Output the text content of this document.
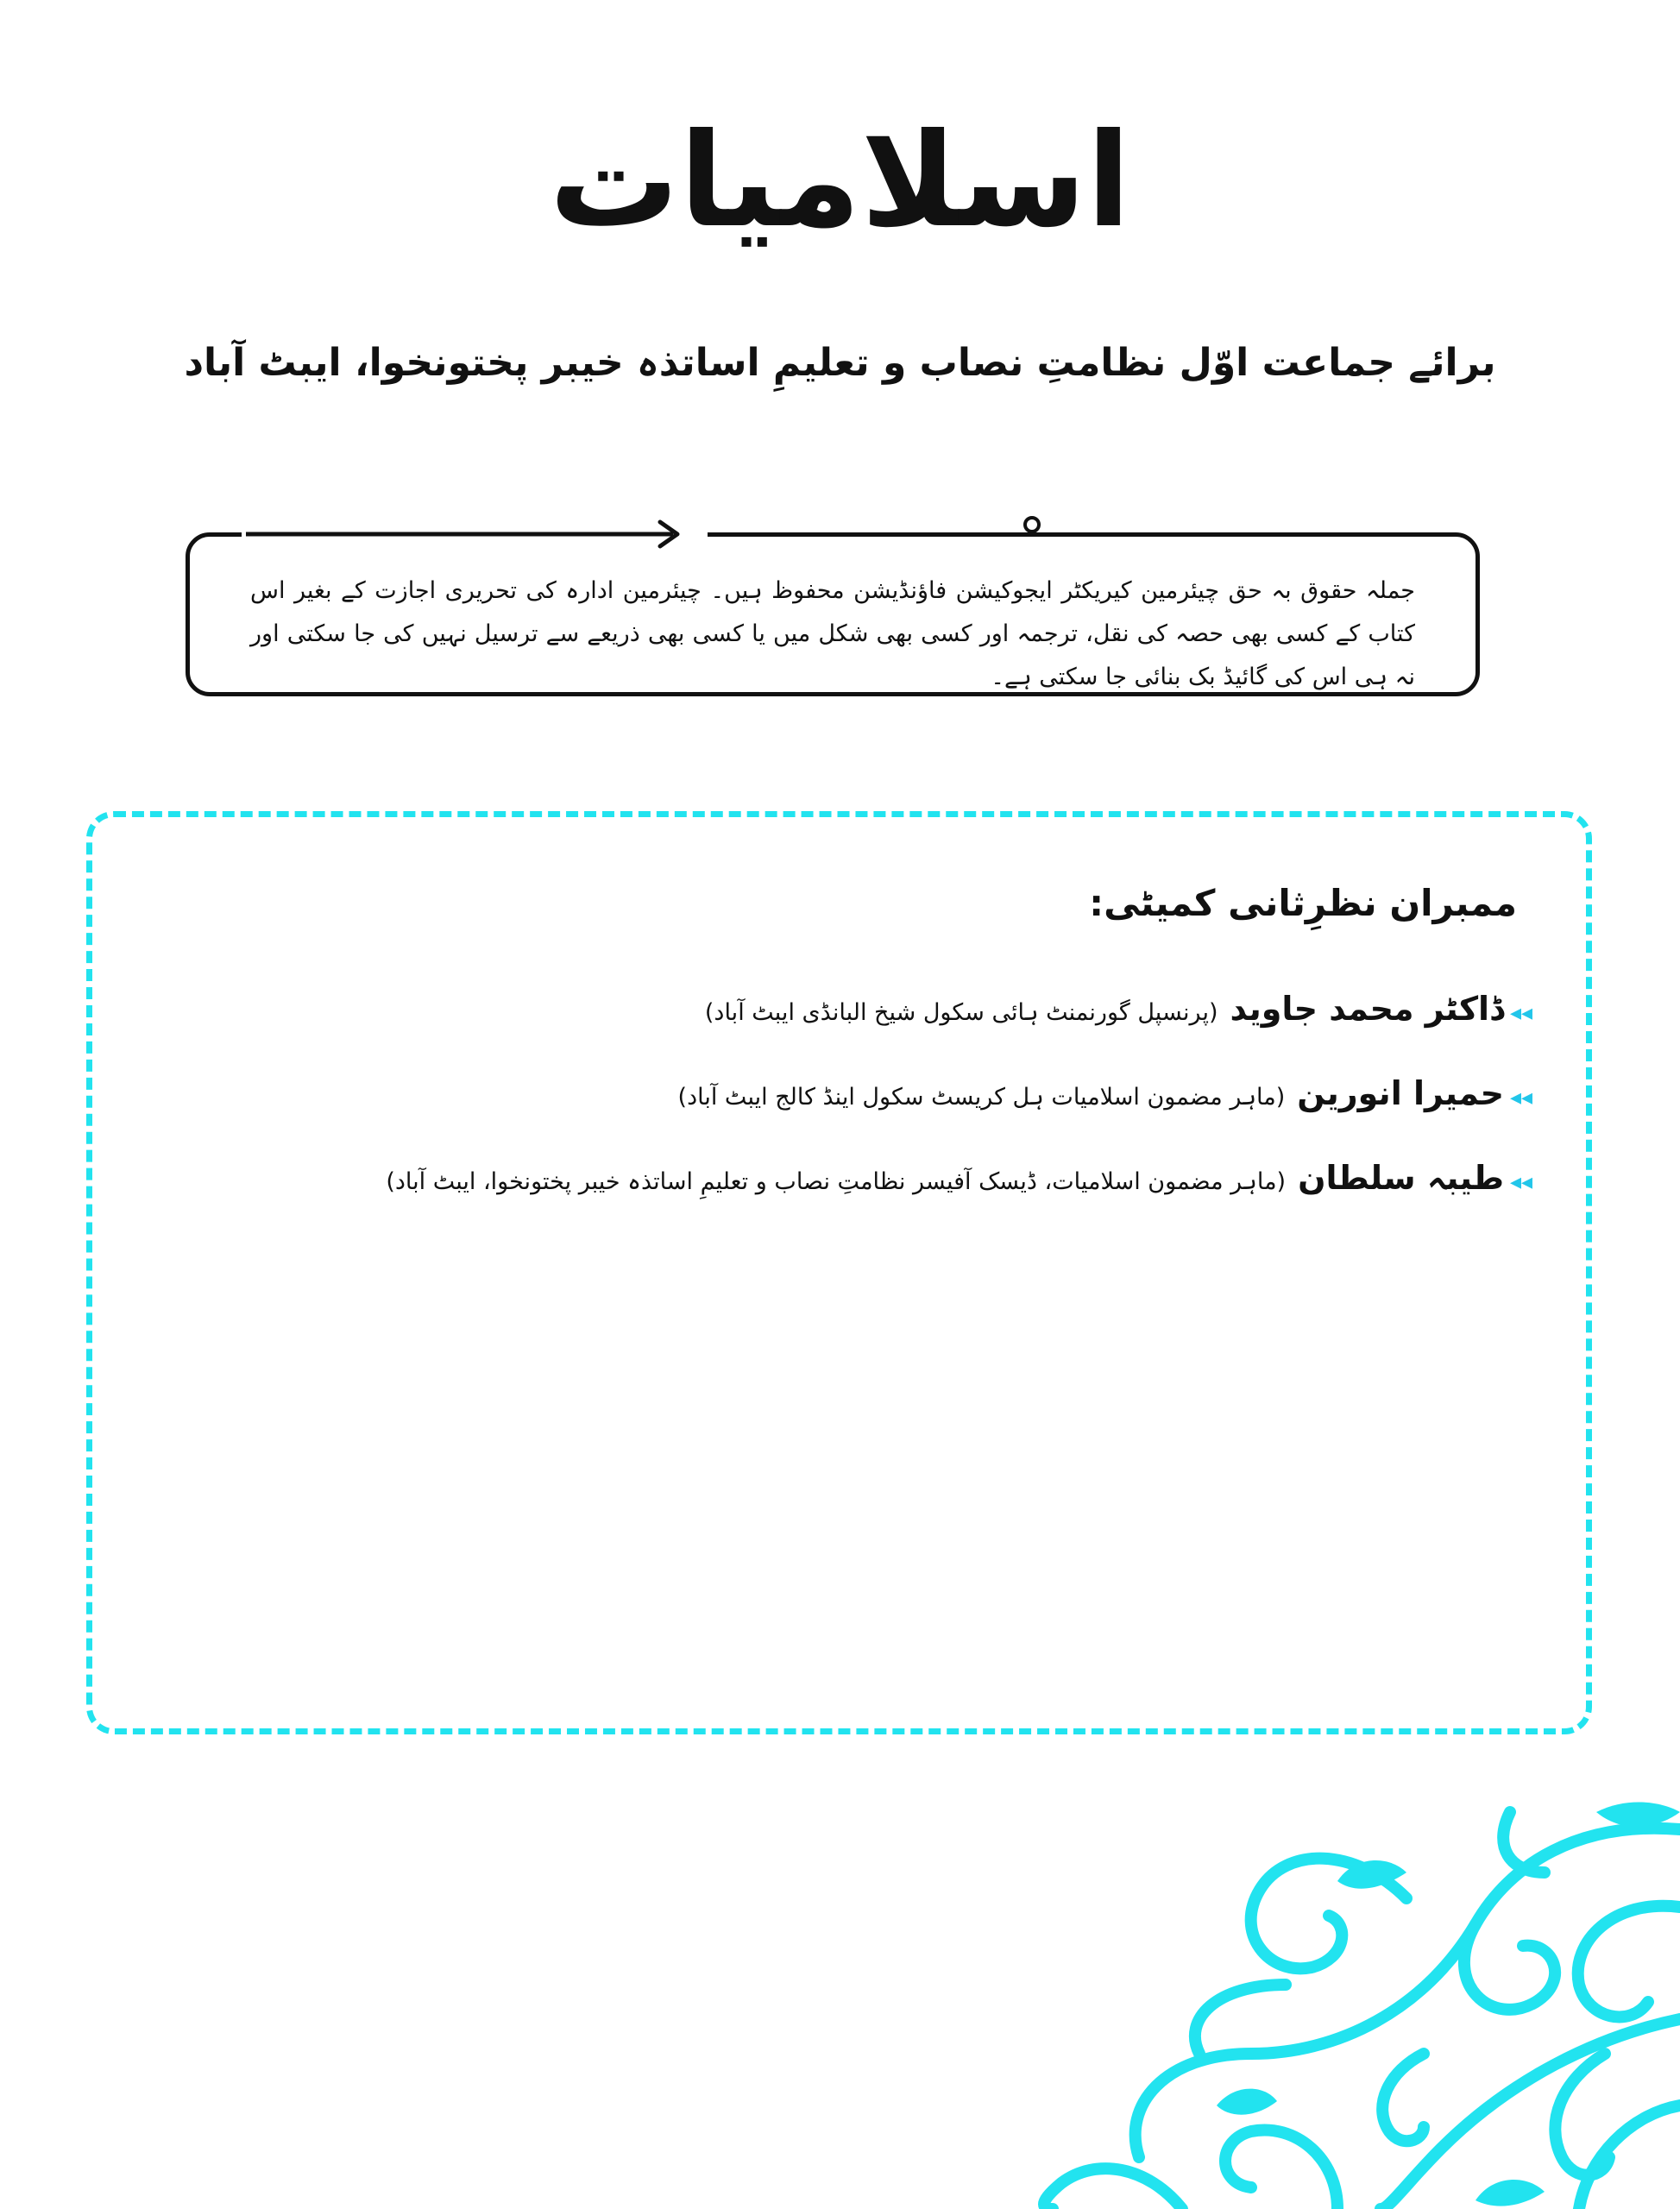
اسلامیات
برائے جماعت اوّل نظامتِ نصاب و تعلیمِ اساتذہ خیبر پختونخوا، ایبٹ آباد
جملہ حقوق بہ حق چیئرمین کیریکٹر ایجوکیشن فاؤنڈیشن محفوظ ہیں۔ چیئرمین ادارہ کی تحریری اجازت کے بغیر اس کتاب کے کسی بھی حصہ کی نقل، ترجمہ اور کسی بھی شکل میں یا کسی بھی ذریعے سے ترسیل نہیں کی جا سکتی اور نہ ہی اس کی گائیڈ بک بنائی جا سکتی ہے۔
ممبران نظرِثانی کمیٹی:
◂◂
ڈاکٹر محمد جاوید
(پرنسپل گورنمنٹ ہائی سکول شیخ البانڈی ایبٹ آباد)
◂◂
حمیرا انورین
(ماہر مضمون اسلامیات ہل کریسٹ سکول اینڈ کالج ایبٹ آباد)
◂◂
طیبہ سلطان
(ماہر مضمون اسلامیات، ڈیسک آفیسر نظامتِ نصاب و تعلیمِ اساتذہ خیبر پختونخوا، ایبٹ آباد)
